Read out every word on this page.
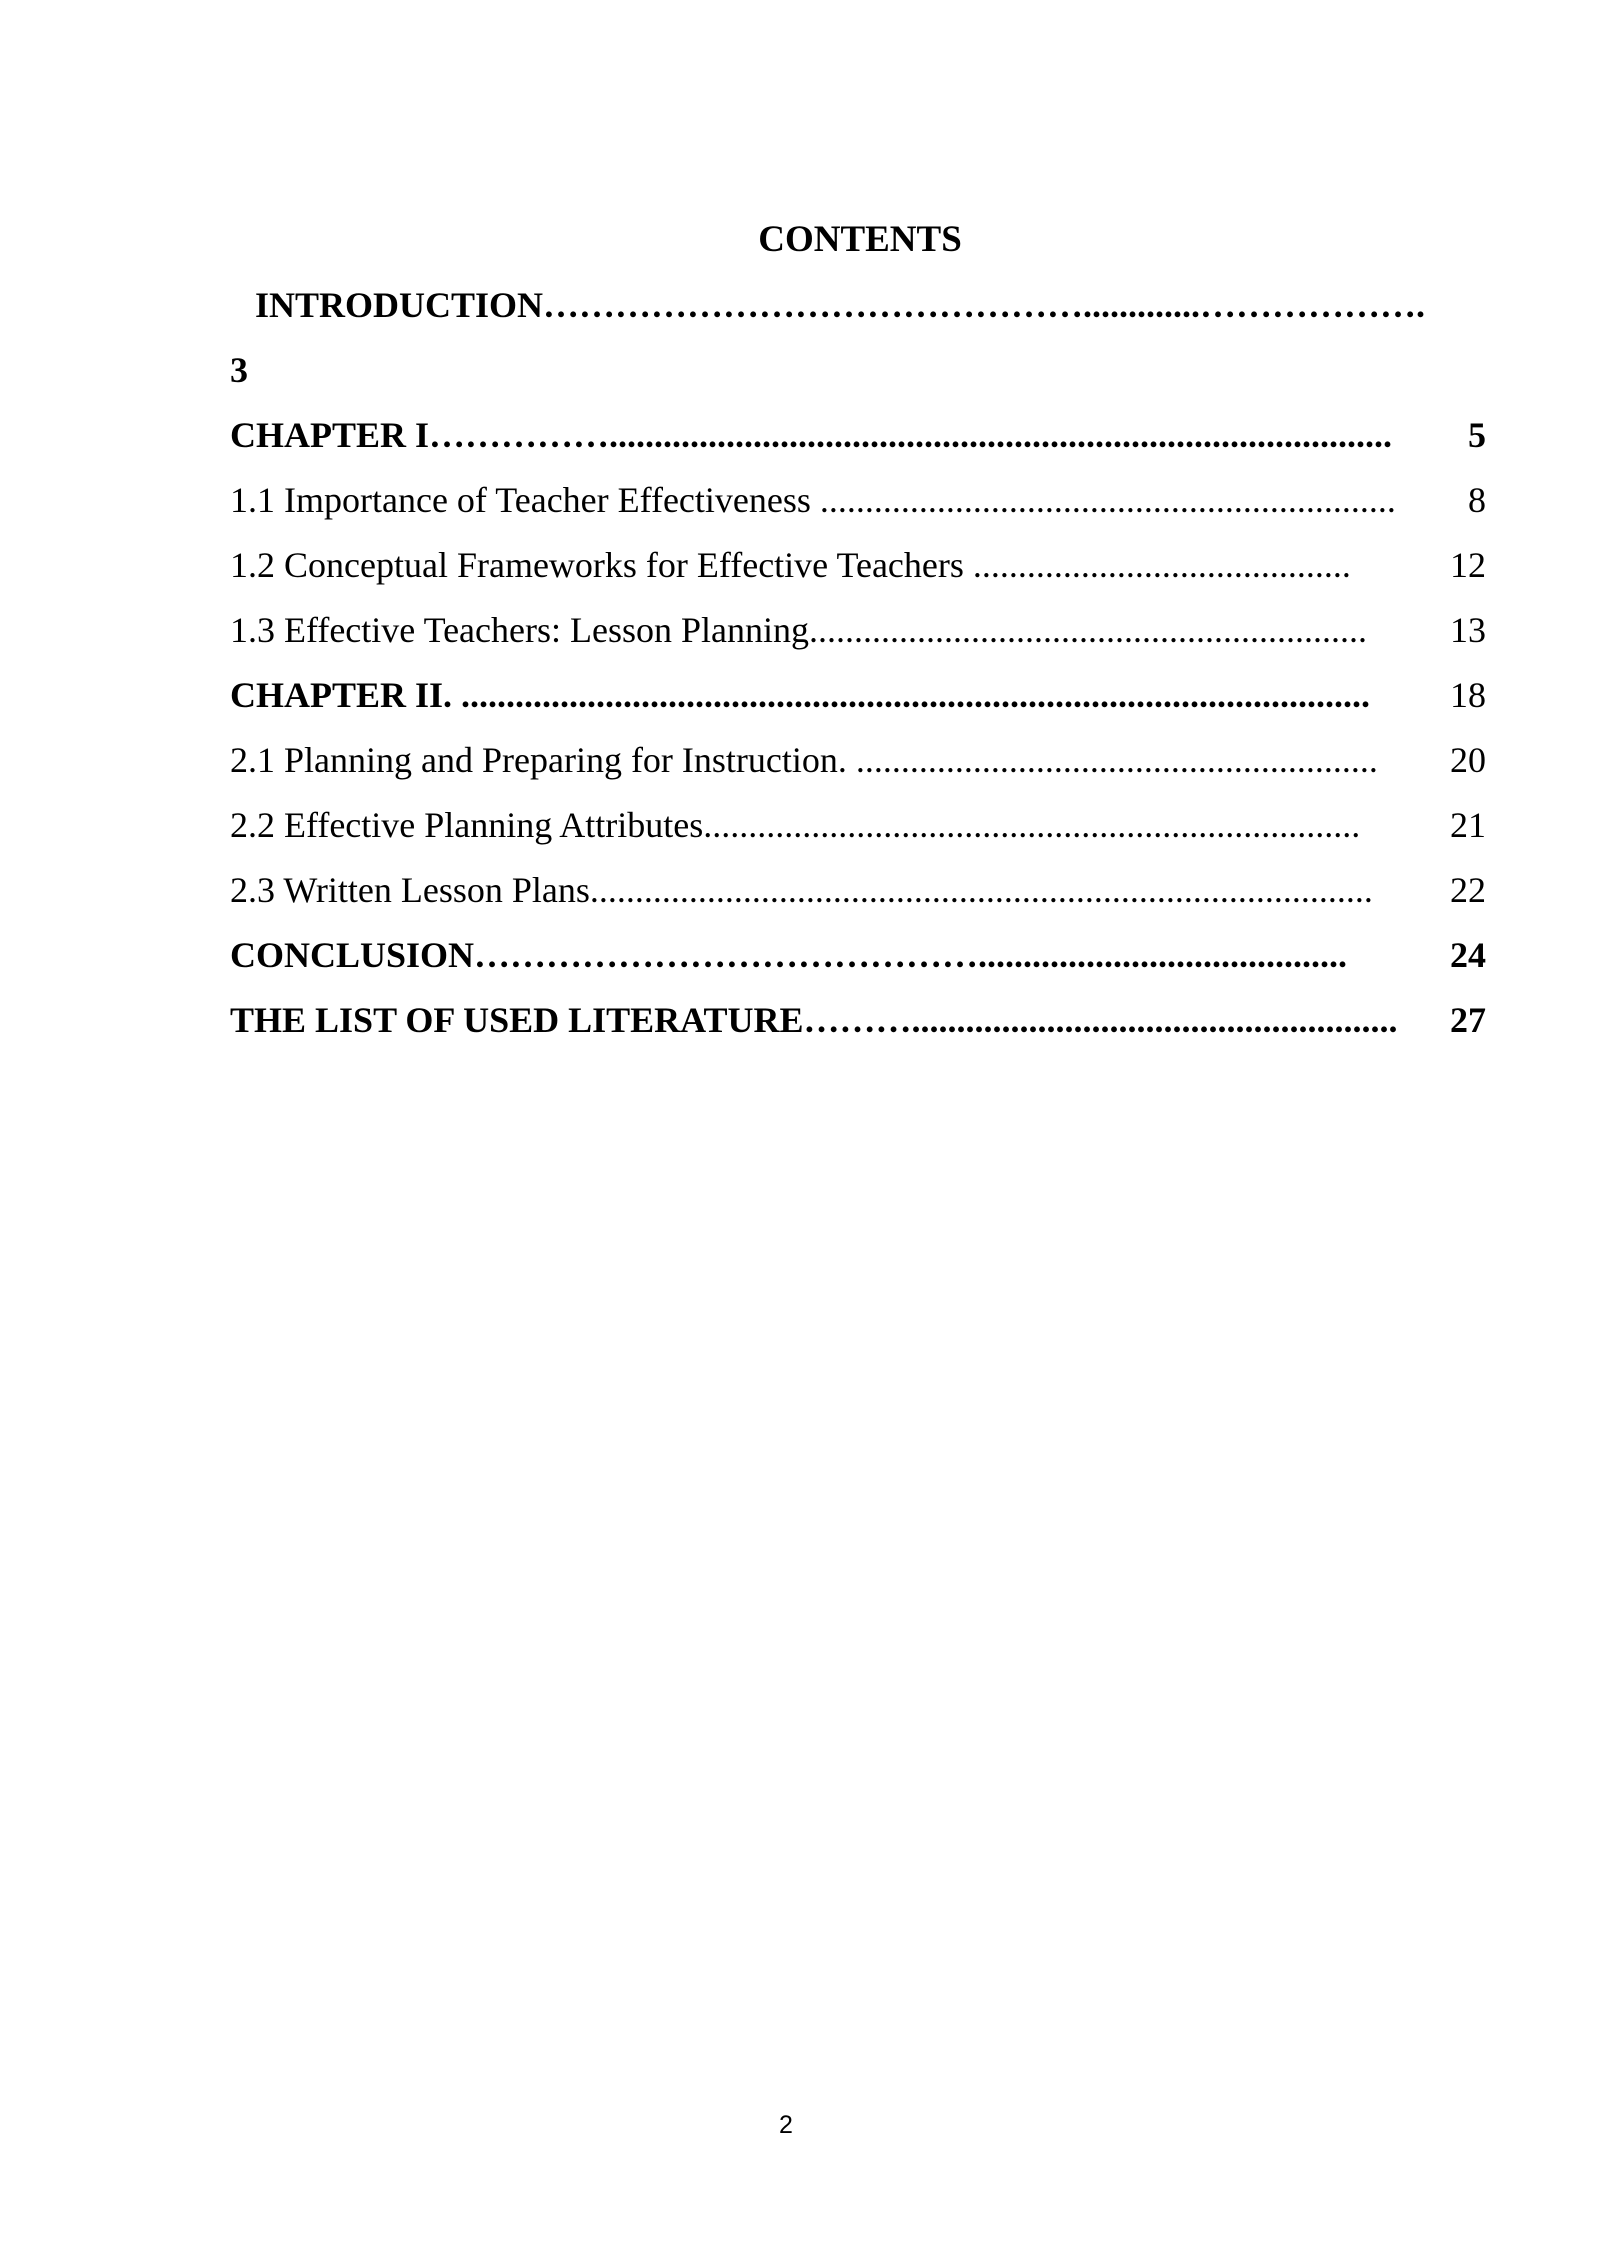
CONTENTS
INTRODUCTION……………………………………….............……………….
3
CHAPTER I…………….......................................................................................	5
1.1 Importance of Teacher Effectiveness ................................................................	8
1.2 Conceptual Frameworks for Effective Teachers ..........................................	12
1.3 Effective Teachers: Lesson Planning..............................................................	13
CHAPTER II. .....................................................................................................	18
2.1 Planning and Preparing for Instruction. ..........................................................	20
2.2 Effective Planning Attributes.........................................................................	21
2.3 Written Lesson Plans.......................................................................................	22
CONCLUSION…………………………………….........................................	24
THE LIST OF USED LITERATURE………......................................................	27
2
